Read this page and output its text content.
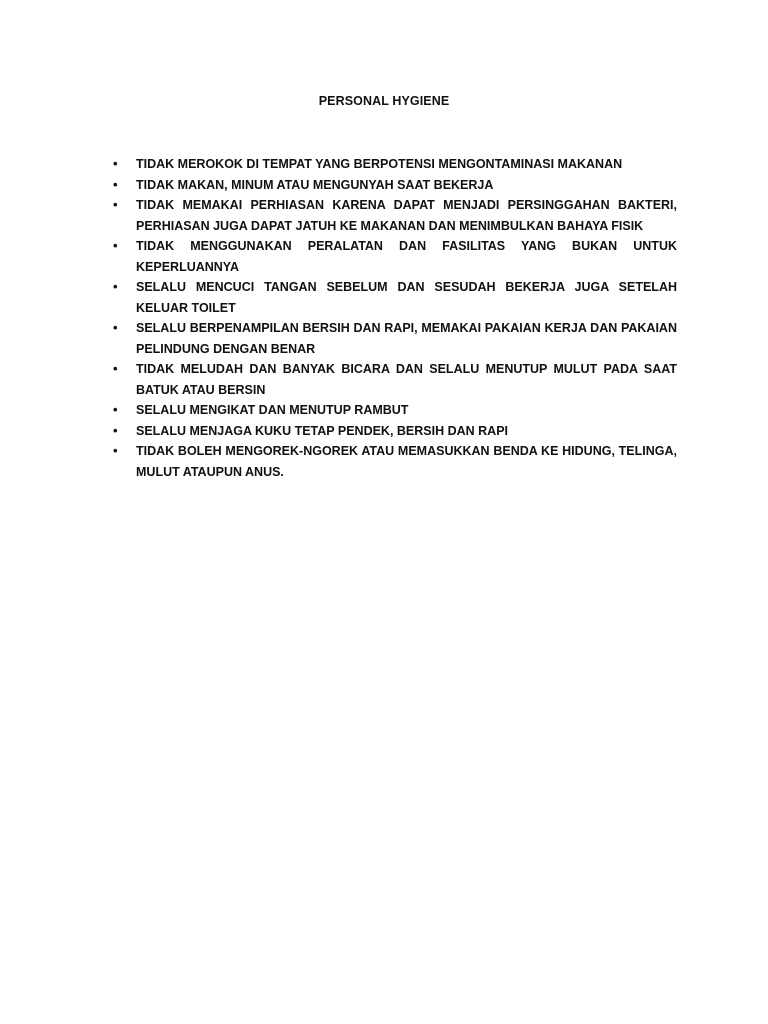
PERSONAL HYGIENE
•	TIDAK MEROKOK DI TEMPAT YANG BERPOTENSI MENGONTAMINASI MAKANAN
•	TIDAK MAKAN, MINUM ATAU MENGUNYAH SAAT BEKERJA
•	TIDAK MEMAKAI PERHIASAN KARENA DAPAT MENJADI PERSINGGAHAN BAKTERI, PERHIASAN JUGA DAPAT JATUH KE MAKANAN DAN MENIMBULKAN BAHAYA FISIK
•	TIDAK MENGGUNAKAN PERALATAN DAN FASILITAS YANG BUKAN UNTUK KEPERLUANNYA
•	SELALU MENCUCI TANGAN SEBELUM DAN SESUDAH BEKERJA JUGA SETELAH KELUAR TOILET
•	SELALU BERPENAMPILAN BERSIH DAN RAPI, MEMAKAI PAKAIAN KERJA DAN PAKAIAN PELINDUNG DENGAN BENAR
•	TIDAK MELUDAH DAN BANYAK BICARA DAN SELALU MENUTUP MULUT PADA SAAT BATUK ATAU BERSIN
•	SELALU MENGIKAT DAN MENUTUP RAMBUT
•	SELALU MENJAGA KUKU TETAP PENDEK, BERSIH DAN RAPI
•	TIDAK BOLEH MENGOREK-NGOREK ATAU MEMASUKKAN BENDA KE HIDUNG, TELINGA, MULUT ATAUPUN ANUS.
